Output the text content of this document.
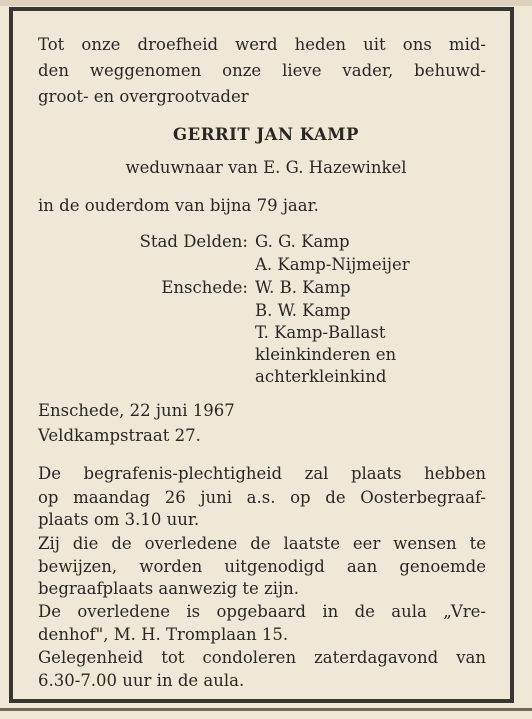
Tot onze droefheid werd heden uit ons mid-
den weggenomen onze lieve vader, behuwd-
groot- en overgrootvader
GERRIT JAN KAMP
weduwnaar van E. G. Hazewinkel
in de ouderdom van bijna 79 jaar.
Stad Delden: G. G. Kamp
A. Kamp-Nijmeijer
Enschede: W. B. Kamp
B. W. Kamp
T. Kamp-Ballast
kleinkinderen en
achterkleinkind
Enschede, 22 juni 1967
Veldkampstraat 27.
De begrafenis-plechtigheid zal plaats hebben
op maandag 26 juni a.s. op de Oosterbegraaf-
plaats om 3.10 uur.
Zij die de overledene de laatste eer wensen te
bewijzen, worden uitgenodigd aan genoemde
begraafplaats aanwezig te zijn.
De overledene is opgebaard in de aula „Vre-
denhof", M. H. Tromplaan 15.
Gelegenheid tot condoleren zaterdagavond van
6.30-7.00 uur in de aula.
